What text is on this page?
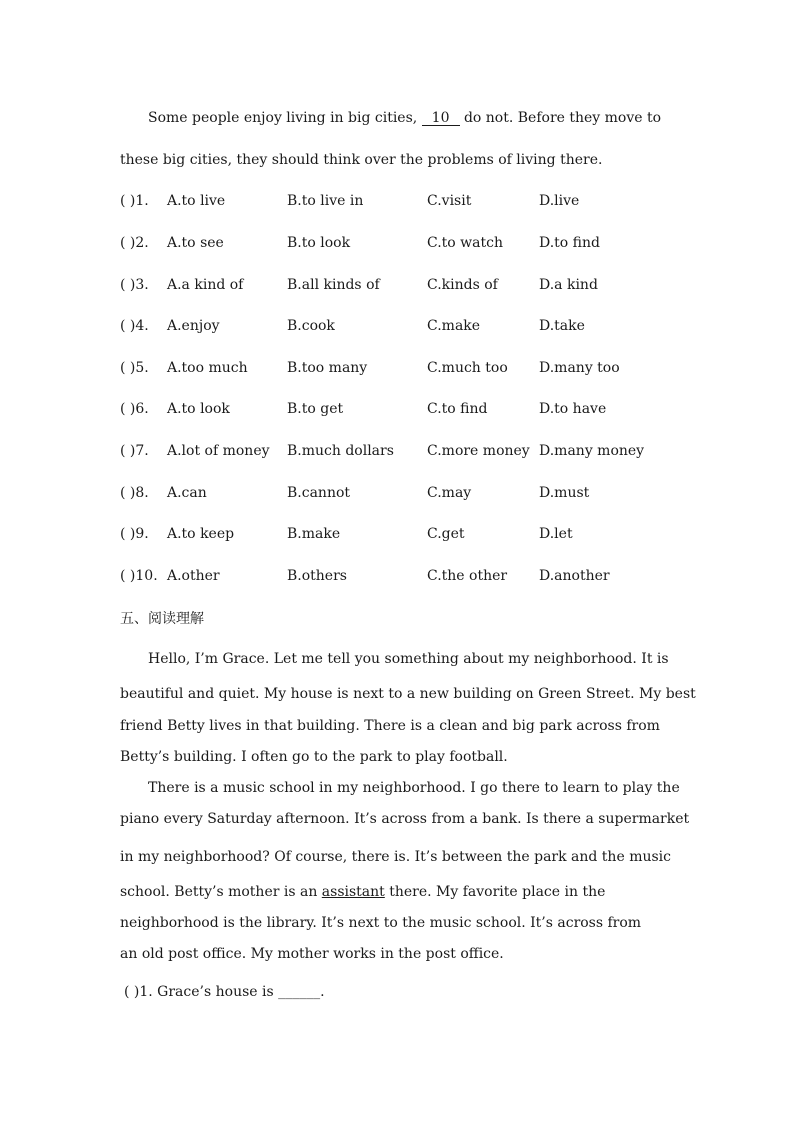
Some people enjoy living in big cities, 10 do not. Before they move to
these big cities, they should think over the problems of living there.
( )1. A.to live	B.to live in	C.visit	D.live
( )2. A.to see	B.to look	C.to watch	D.to find
( )3. A.a kind of	B.all kinds of	C.kinds of	D.a kind
( )4. A.enjoy	B.cook	C.make	D.take
( )5. A.too much	B.too many	C.much too D.many too
( )6. A.to look	B.to get	C.to find	D.to have
( )7. A.lot of money B.much dollars C.more money D.many money
( )8. A.can	B.cannot	C.may	D.must
( )9. A.to keep	B.make	C.get	D.let
( )10. A.other	B.others	C.the other D.another
五、阅读理解
Hello, I’m Grace. Let me tell you something about my neighborhood. It is
beautiful and quiet. My house is next to a new building on Green Street. My best
friend Betty lives in that building. There is a clean and big park across from
Betty’s building. I often go to the park to play football.
There is a music school in my neighborhood. I go there to learn to play the
piano every Saturday afternoon. It’s across from a bank. Is there a supermarket
in my neighborhood? Of course, there is. It’s between the park and the music
school. Betty’s mother is an assistant there. My favorite place in the
neighborhood is the library. It’s next to the music school. It’s across from
an old post office. My mother works in the post office.
( )1. Grace’s house is ______.
